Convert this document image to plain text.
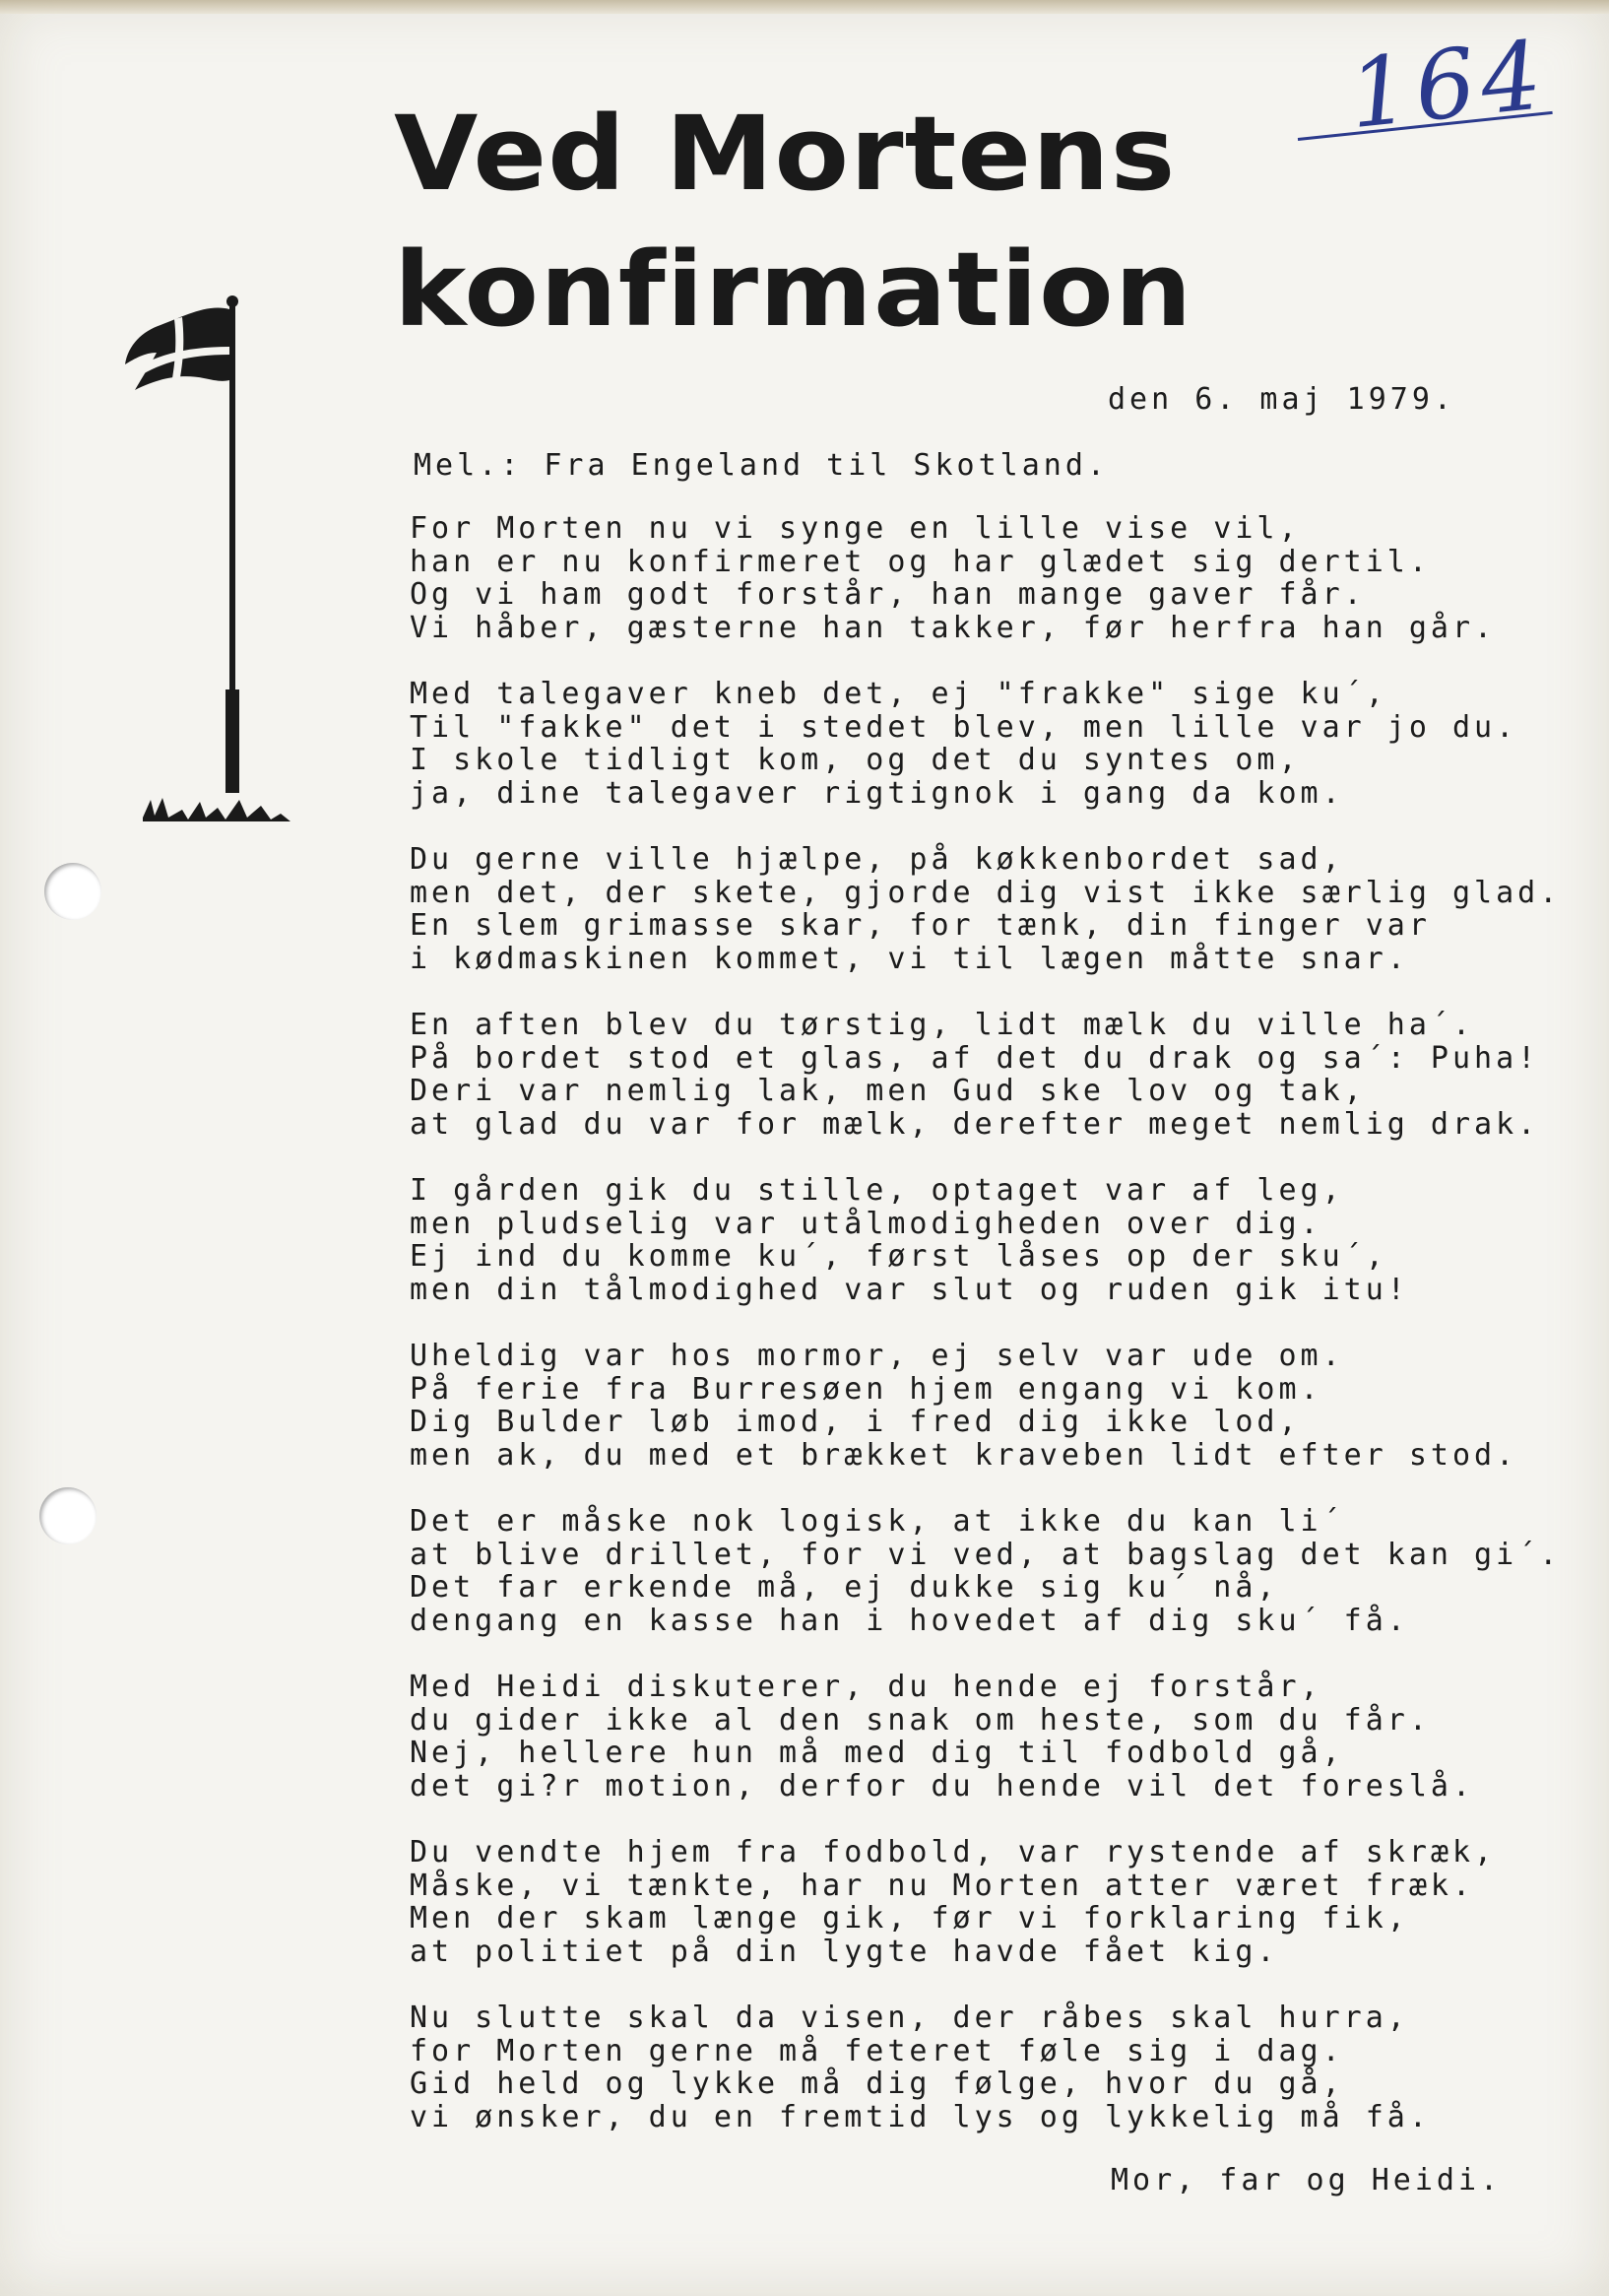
Ved Mortens
konfirmation
164
den 6. maj 1979.
Mel.: Fra Engeland til Skotland.
For Morten nu vi synge en lille vise vil,
han er nu konfirmeret og har glædet sig dertil.
Og vi ham godt forstår, han mange gaver får.
Vi håber, gæsterne han takker, før herfra han går.
Med talegaver kneb det, ej "frakke" sige ku´,
Til "fakke" det i stedet blev, men lille var jo du.
I skole tidligt kom, og det du syntes om,
ja, dine talegaver rigtignok i gang da kom.
Du gerne ville hjælpe, på køkkenbordet sad,
men det, der skete, gjorde dig vist ikke særlig glad.
En slem grimasse skar, for tænk, din finger var
i kødmaskinen kommet, vi til lægen måtte snar.
En aften blev du tørstig, lidt mælk du ville ha´.
På bordet stod et glas, af det du drak og sa´: Puha!
Deri var nemlig lak, men Gud ske lov og tak,
at glad du var for mælk, derefter meget nemlig drak.
I gården gik du stille, optaget var af leg,
men pludselig var utålmodigheden over dig.
Ej ind du komme ku´, først låses op der sku´,
men din tålmodighed var slut og ruden gik itu!
Uheldig var hos mormor, ej selv var ude om.
På ferie fra Burresøen hjem engang vi kom.
Dig Bulder løb imod, i fred dig ikke lod,
men ak, du med et brækket kraveben lidt efter stod.
Det er måske nok logisk, at ikke du kan li´
at blive drillet, for vi ved, at bagslag det kan gi´.
Det far erkende må, ej dukke sig ku´ nå,
dengang en kasse han i hovedet af dig sku´ få.
Med Heidi diskuterer, du hende ej forstår,
du gider ikke al den snak om heste, som du får.
Nej, hellere hun må med dig til fodbold gå,
det gi?r motion, derfor du hende vil det foreslå.
Du vendte hjem fra fodbold, var rystende af skræk,
Måske, vi tænkte, har nu Morten atter været fræk.
Men der skam længe gik, før vi forklaring fik,
at politiet på din lygte havde fået kig.
Nu slutte skal da visen, der råbes skal hurra,
for Morten gerne må feteret føle sig i dag.
Gid held og lykke må dig følge, hvor du gå,
vi ønsker, du en fremtid lys og lykkelig må få.
Mor, far og Heidi.
